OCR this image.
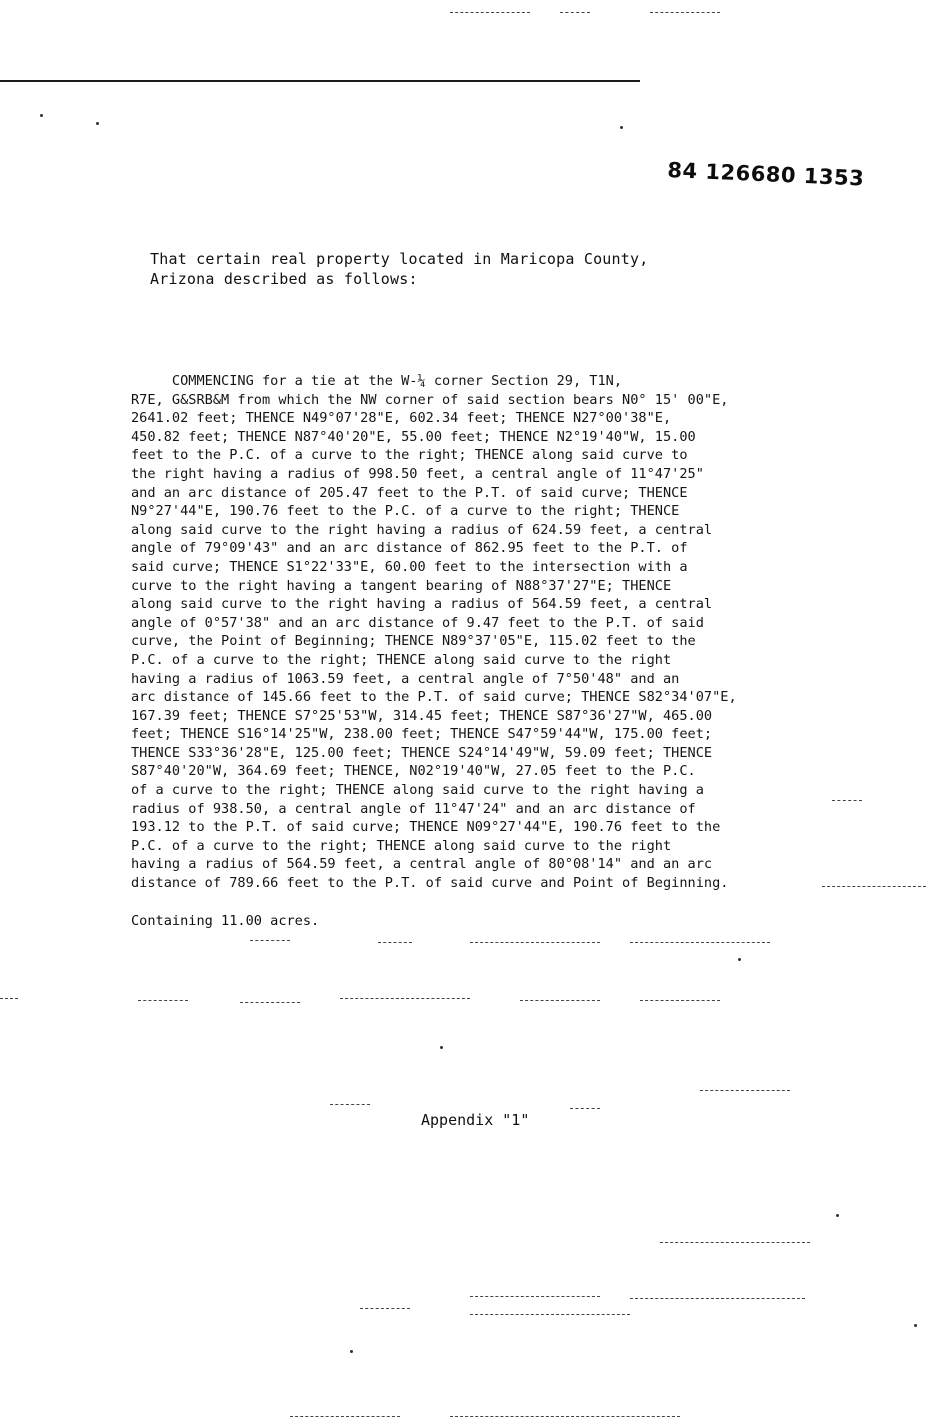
84 126680 1353
That certain real property located in Maricopa County,
Arizona described as follows:
COMMENCING for a tie at the W-¼ corner Section 29, T1N,
R7E, G&SRB&M from which the NW corner of said section bears N0° 15' 00"E,
2641.02 feet; THENCE N49°07'28"E, 602.34 feet; THENCE N27°00'38"E,
450.82 feet; THENCE N87°40'20"E, 55.00 feet; THENCE N2°19'40"W, 15.00
feet to the P.C. of a curve to the right; THENCE along said curve to
the right having a radius of 998.50 feet, a central angle of 11°47'25"
and an arc distance of 205.47 feet to the P.T. of said curve; THENCE
N9°27'44"E, 190.76 feet to the P.C. of a curve to the right; THENCE
along said curve to the right having a radius of 624.59 feet, a central
angle of 79°09'43" and an arc distance of 862.95 feet to the P.T. of
said curve; THENCE S1°22'33"E, 60.00 feet to the intersection with a
curve to the right having a tangent bearing of N88°37'27"E; THENCE
along said curve to the right having a radius of 564.59 feet, a central
angle of 0°57'38" and an arc distance of 9.47 feet to the P.T. of said
curve, the Point of Beginning; THENCE N89°37'05"E, 115.02 feet to the
P.C. of a curve to the right; THENCE along said curve to the right
having a radius of 1063.59 feet, a central angle of 7°50'48" and an
arc distance of 145.66 feet to the P.T. of said curve; THENCE S82°34'07"E,
167.39 feet; THENCE S7°25'53"W, 314.45 feet; THENCE S87°36'27"W, 465.00
feet; THENCE S16°14'25"W, 238.00 feet; THENCE S47°59'44"W, 175.00 feet;
THENCE S33°36'28"E, 125.00 feet; THENCE S24°14'49"W, 59.09 feet; THENCE
S87°40'20"W, 364.69 feet; THENCE, N02°19'40"W, 27.05 feet to the P.C.
of a curve to the right; THENCE along said curve to the right having a
radius of 938.50, a central angle of 11°47'24" and an arc distance of
193.12 to the P.T. of said curve; THENCE N09°27'44"E, 190.76 feet to the
P.C. of a curve to the right; THENCE along said curve to the right
having a radius of 564.59 feet, a central angle of 80°08'14" and an arc
distance of 789.66 feet to the P.T. of said curve and Point of Beginning.
Containing 11.00 acres.
Appendix "1"
